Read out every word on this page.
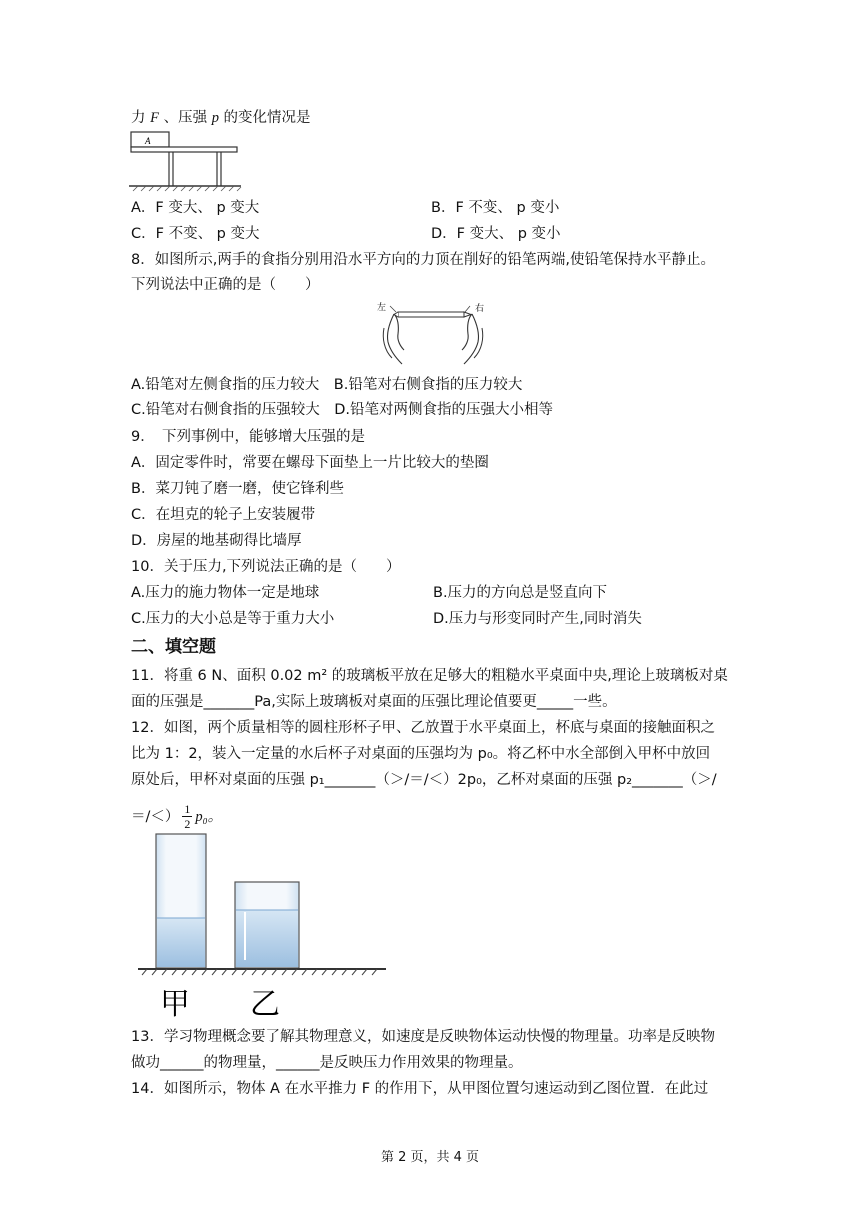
力 F 、压强 p 的变化情况是
A
A．F 变大、 p 变大	B．F 不变、 p 变小
C．F 不变、 p 变大	D．F 变大、 p 变小
8．如图所示,两手的食指分别用沿水平方向的力顶在削好的铅笔两端,使铅笔保持水平静止。
下列说法中正确的是（　　）
左	右
A.铅笔对左侧食指的压力较大　B.铅笔对右侧食指的压力较大
C.铅笔对右侧食指的压强较大　D.铅笔对两侧食指的压强大小相等
9．　下列事例中，能够增大压强的是
A．固定零件时，常要在螺母下面垫上一片比较大的垫圈
B．菜刀钝了磨一磨，使它锋利些
C．在坦克的轮子上安装履带
D．房屋的地基砌得比墙厚
10．关于压力,下列说法正确的是（　　）
A.压力的施力物体一定是地球	B.压力的方向总是竖直向下
C.压力的大小总是等于重力大小	D.压力与形变同时产生,同时消失
二、填空题
11．将重 6 N、面积 0.02 m² 的玻璃板平放在足够大的粗糙水平桌面中央,理论上玻璃板对桌
面的压强是_______Pa,实际上玻璃板对桌面的压强比理论值要更_____一些。
12．如图，两个质量相等的圆柱形杯子甲、乙放置于水平桌面上，杯底与桌面的接触面积之
比为 1：2，装入一定量的水后杯子对桌面的压强均为 p₀。将乙杯中水全部倒入甲杯中放回
原处后，甲杯对桌面的压强 p₁_______（＞/＝/＜）2p₀，乙杯对桌面的压强 p₂_______（＞/
＝/＜） $\frac{1}{2} p_0$。
甲 乙
13．学习物理概念要了解其物理意义，如速度是反映物体运动快慢的物理量。功率是反映物
做功______的物理量，______是反映压力作用效果的物理量。
14．如图所示，物体 A 在水平推力 F 的作用下，从甲图位置匀速运动到乙图位置．在此过
第 2 页，共 4 页
